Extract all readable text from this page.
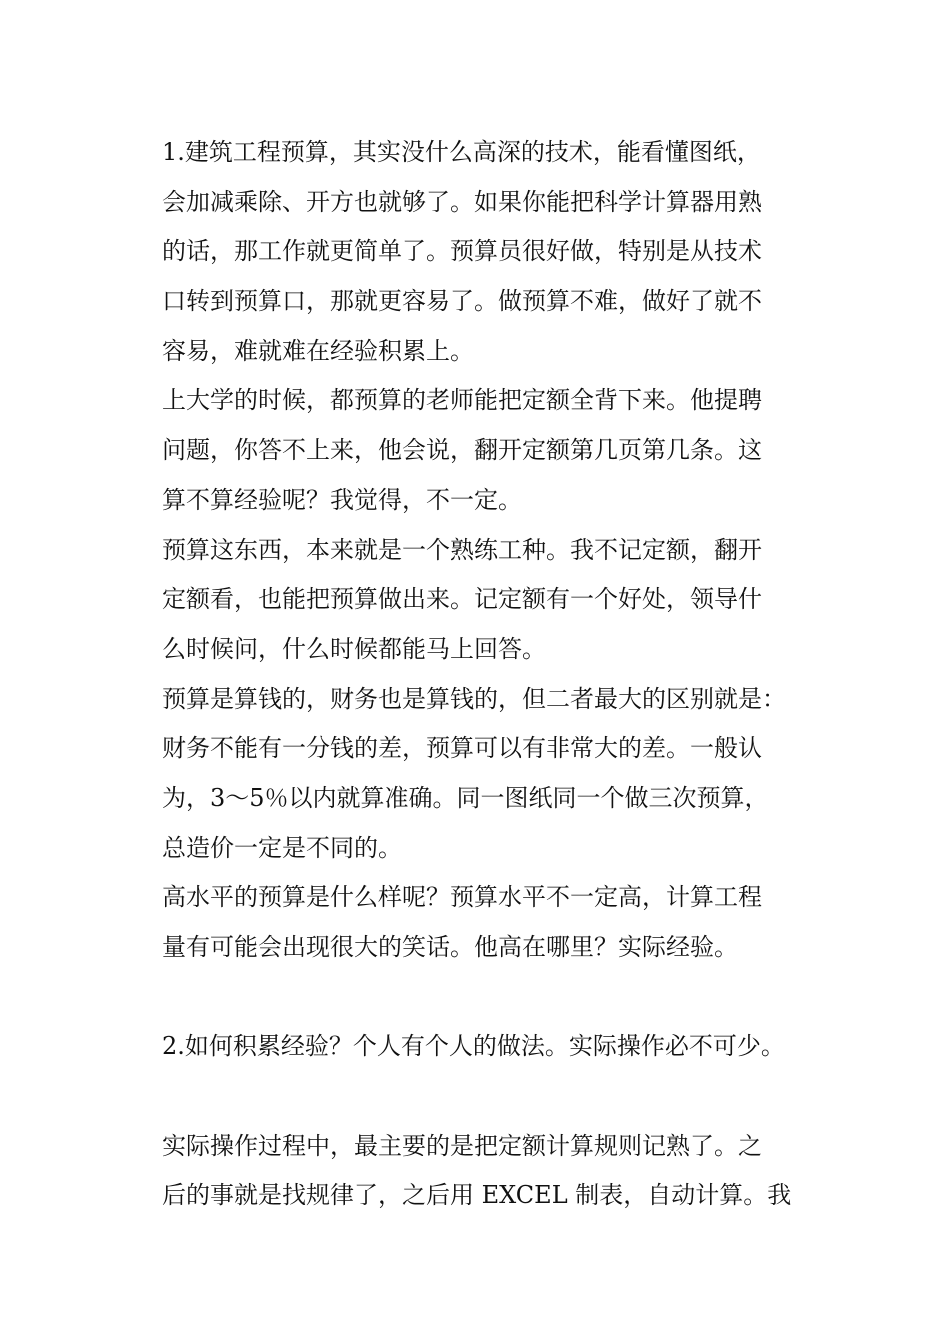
1.建筑工程预算，其实没什么高深的技术，能看懂图纸，
会加减乘除、开方也就够了。如果你能把科学计算器用熟
的话，那工作就更简单了。预算员很好做，特别是从技术
口转到预算口，那就更容易了。做预算不难，做好了就不
容易，难就难在经验积累上。
上大学的时候，都预算的老师能把定额全背下来。他提聘
问题，你答不上来，他会说，翻开定额第几页第几条。这
算不算经验呢？我觉得，不一定。
预算这东西，本来就是一个熟练工种。我不记定额，翻开
定额看，也能把预算做出来。记定额有一个好处，领导什
么时候问，什么时候都能马上回答。
预算是算钱的，财务也是算钱的，但二者最大的区别就是：
财务不能有一分钱的差，预算可以有非常大的差。一般认
为，3～5％以内就算准确。同一图纸同一个做三次预算，
总造价一定是不同的。
高水平的预算是什么样呢？预算水平不一定高，计算工程
量有可能会出现很大的笑话。他高在哪里？实际经验。
2.如何积累经验？个人有个人的做法。实际操作必不可少。
实际操作过程中，最主要的是把定额计算规则记熟了。之
后的事就是找规律了，之后用 EXCEL 制表，自动计算。我
